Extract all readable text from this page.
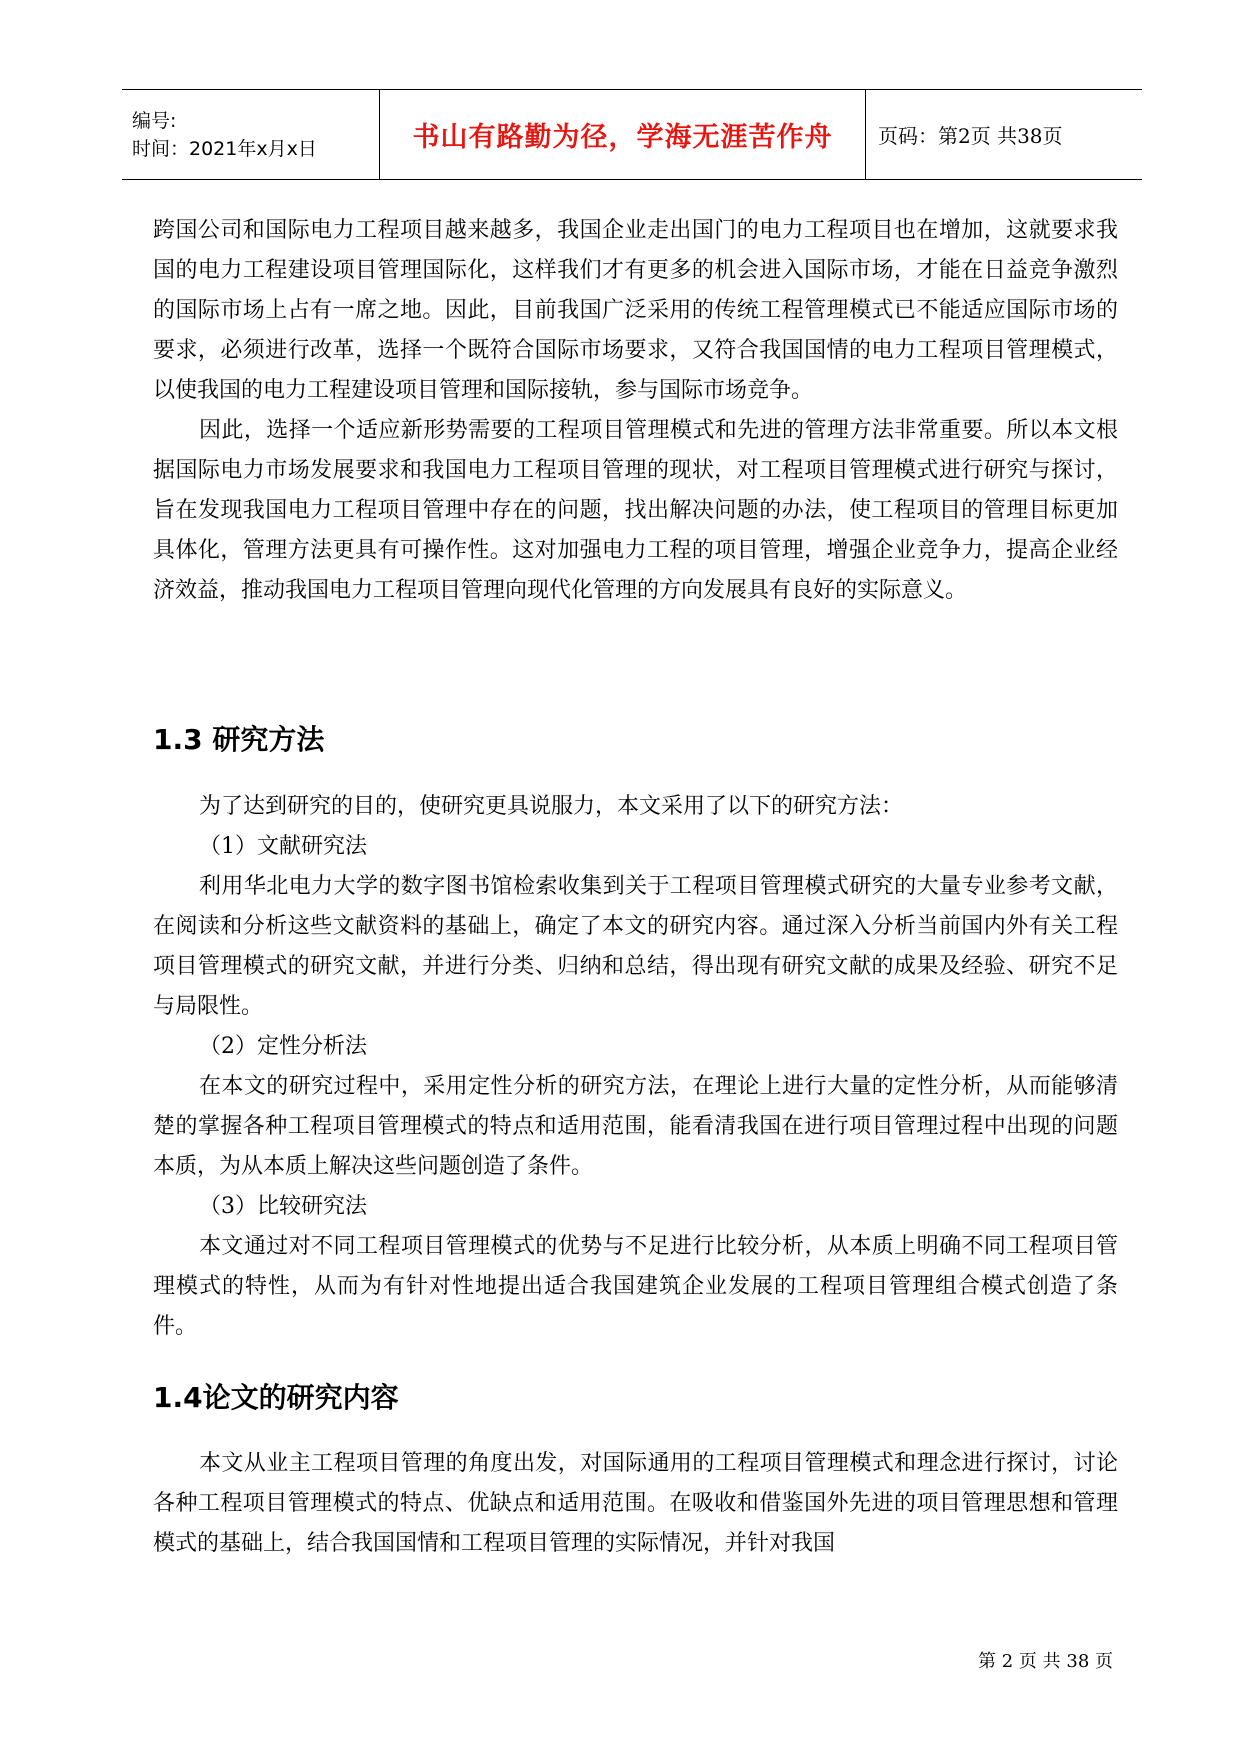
编号:
时间：2021年x月x日	书山有路勤为径，学海无涯苦作舟	页码：第2页 共38页

跨国公司和国际电力工程项目越来越多，我国企业走出国门的电力工程项目也在增加，这就要求我国的电力工程建设项目管理国际化，这样我们才有更多的机会进入国际市场，才能在日益竞争激烈的国际市场上占有一席之地。因此，目前我国广泛采用的传统工程管理模式已不能适应国际市场的要求，必须进行改革，选择一个既符合国际市场要求，又符合我国国情的电力工程项目管理模式，以使我国的电力工程建设项目管理和国际接轨，参与国际市场竞争。

因此，选择一个适应新形势需要的工程项目管理模式和先进的管理方法非常重要。所以本文根据国际电力市场发展要求和我国电力工程项目管理的现状，对工程项目管理模式进行研究与探讨，旨在发现我国电力工程项目管理中存在的问题，找出解决问题的办法，使工程项目的管理目标更加具体化，管理方法更具有可操作性。这对加强电力工程的项目管理，增强企业竞争力，提高企业经济效益，推动我国电力工程项目管理向现代化管理的方向发展具有良好的实际意义。

1.3 研究方法

为了达到研究的目的，使研究更具说服力，本文采用了以下的研究方法：

（1）文献研究法

利用华北电力大学的数字图书馆检索收集到关于工程项目管理模式研究的大量专业参考文献，在阅读和分析这些文献资料的基础上，确定了本文的研究内容。通过深入分析当前国内外有关工程项目管理模式的研究文献，并进行分类、归纳和总结，得出现有研究文献的成果及经验、研究不足与局限性。

（2）定性分析法

在本文的研究过程中，采用定性分析的研究方法，在理论上进行大量的定性分析，从而能够清楚的掌握各种工程项目管理模式的特点和适用范围，能看清我国在进行项目管理过程中出现的问题本质，为从本质上解决这些问题创造了条件。

（3）比较研究法

本文通过对不同工程项目管理模式的优势与不足进行比较分析，从本质上明确不同工程项目管理模式的特性，从而为有针对性地提出适合我国建筑企业发展的工程项目管理组合模式创造了条件。

1.4论文的研究内容

本文从业主工程项目管理的角度出发，对国际通用的工程项目管理模式和理念进行探讨，讨论各种工程项目管理模式的特点、优缺点和适用范围。在吸收和借鉴国外先进的项目管理思想和管理模式的基础上，结合我国国情和工程项目管理的实际情况，并针对我国

第 2 页 共 38 页
